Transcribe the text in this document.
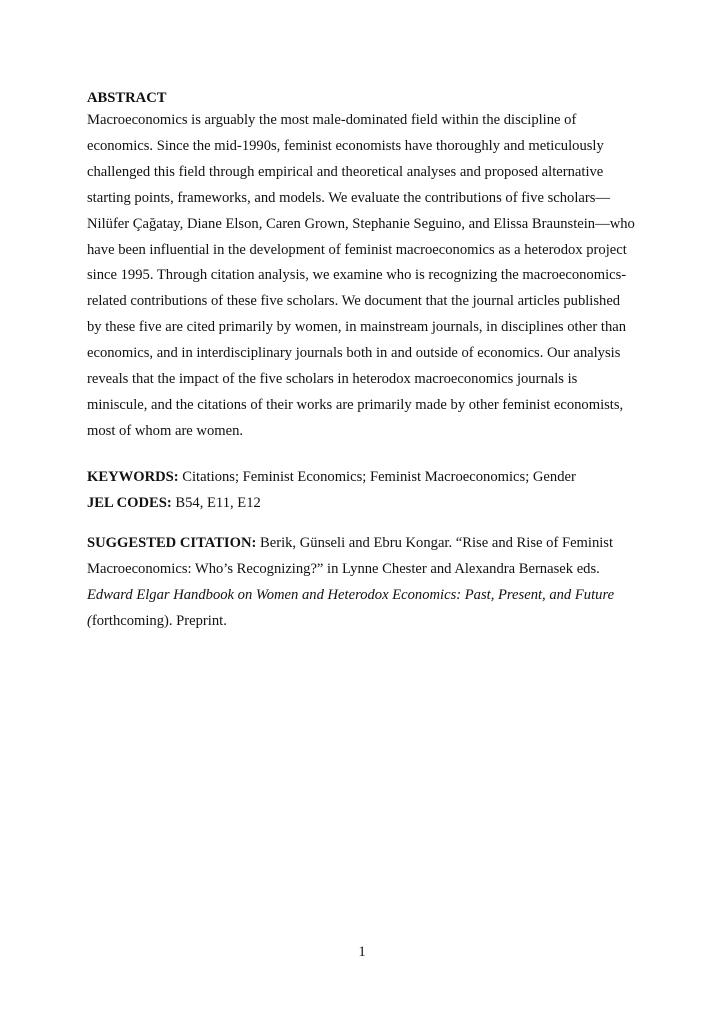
ABSTRACT
Macroeconomics is arguably the most male-dominated field within the discipline of
economics. Since the mid-1990s, feminist economists have thoroughly and meticulously
challenged this field through empirical and theoretical analyses and proposed alternative
starting points, frameworks, and models. We evaluate the contributions of five scholars—
Nilüfer Çağatay, Diane Elson, Caren Grown, Stephanie Seguino, and Elissa Braunstein—who
have been influential in the development of feminist macroeconomics as a heterodox project
since 1995. Through citation analysis, we examine who is recognizing the macroeconomics-
related contributions of these five scholars. We document that the journal articles published
by these five are cited primarily by women, in mainstream journals, in disciplines other than
economics, and in interdisciplinary journals both in and outside of economics. Our analysis
reveals that the impact of the five scholars in heterodox macroeconomics journals is
miniscule, and the citations of their works are primarily made by other feminist economists,
most of whom are women.
KEYWORDS: Citations; Feminist Economics; Feminist Macroeconomics; Gender
JEL CODES: B54, E11, E12
SUGGESTED CITATION: Berik, Günseli and Ebru Kongar. “Rise and Rise of Feminist
Macroeconomics: Who’s Recognizing?” in Lynne Chester and Alexandra Bernasek eds.
Edward Elgar Handbook on Women and Heterodox Economics: Past, Present, and Future
(forthcoming). Preprint.
1
